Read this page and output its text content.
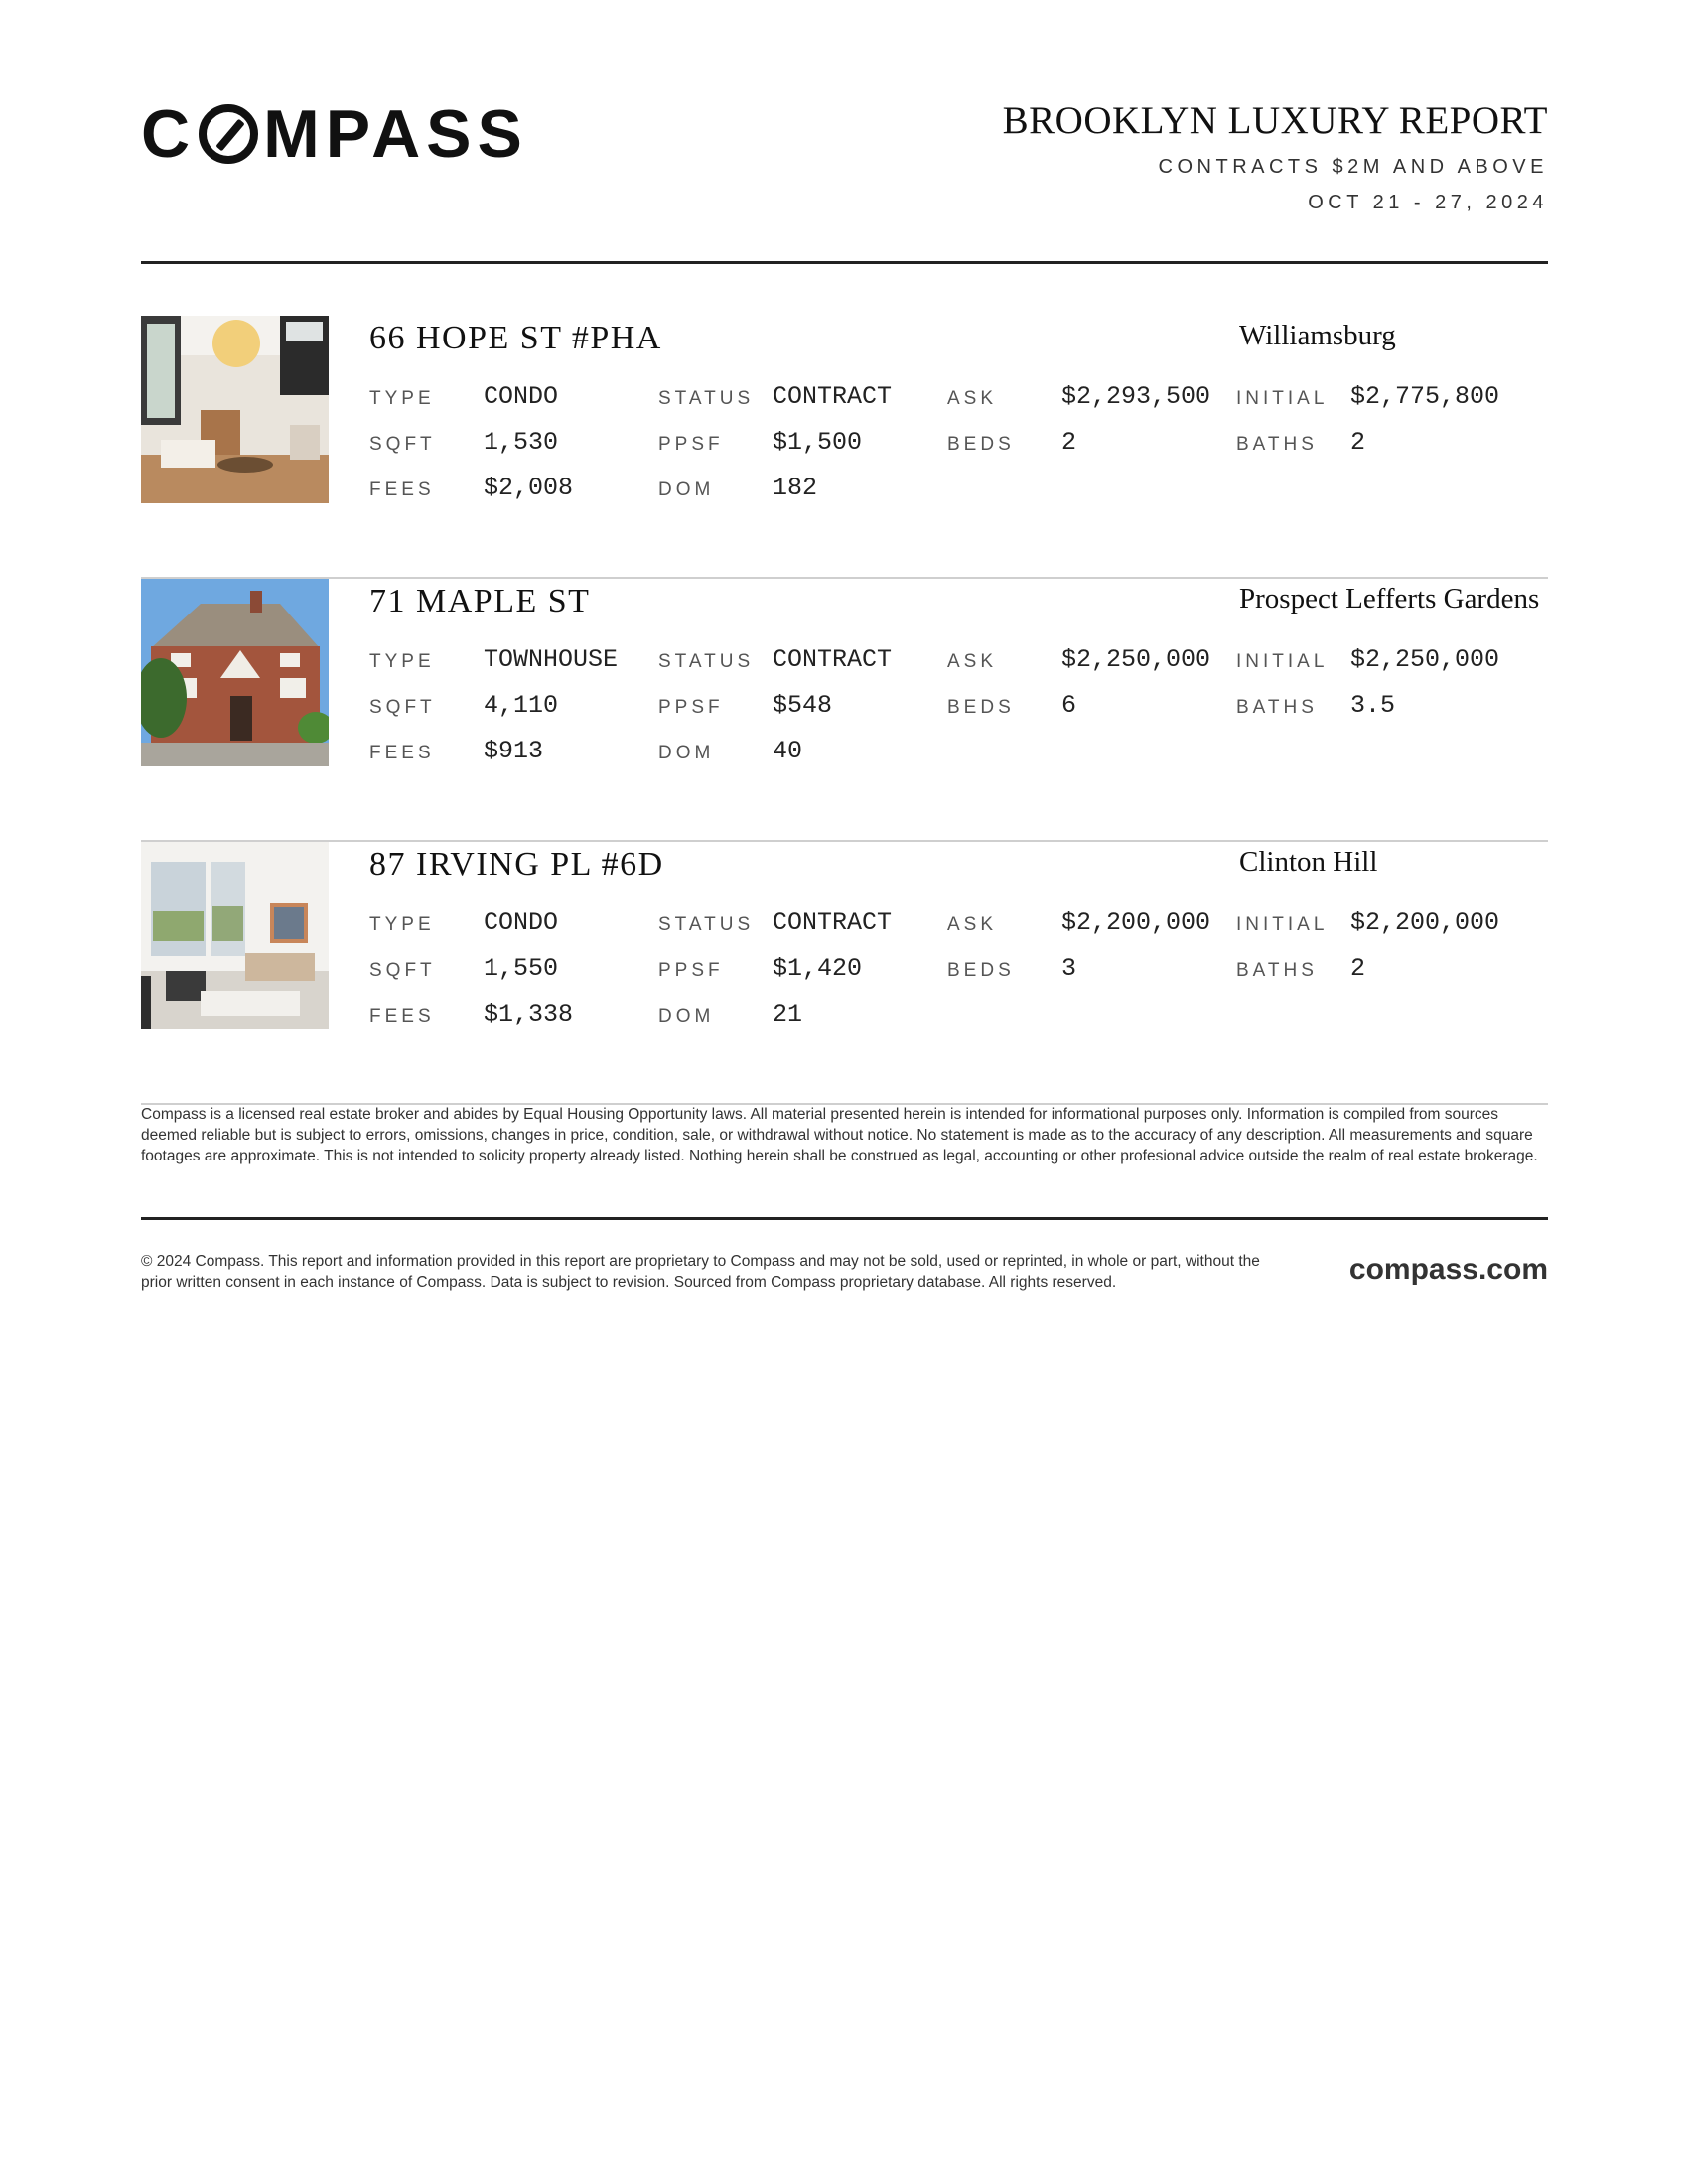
C MPASS	BROOKLYN LUXURY REPORT
CONTRACTS $2M AND ABOVE
OCT 21 - 27, 2024
66 HOPE ST #PHA	Williamsburg
TYPE CONDO	STATUS CONTRACT	ASK	$2,293,500 INITIAL $2,775,800
SQFT 1,530	PPSF $1,500	BEDS 2	BATHS 2
FEES $2,008	DOM 182
71 MAPLE ST	Prospect Lefferts Gardens
TYPE TOWNHOUSE STATUS CONTRACT	ASK	$2,250,000 INITIAL $2,250,000
SQFT 4,110	PPSF $548	BEDS 6	BATHS 3.5
FEES $913	DOM 40
87 IRVING PL #6D	Clinton Hill
TYPE CONDO	STATUS CONTRACT	ASK	$2,200,000 INITIAL $2,200,000
SQFT 1,550	PPSF $1,420	BEDS 3	BATHS 2
FEES $1,338	DOM 21
Compass is a licensed real estate broker and abides by Equal Housing Opportunity laws. All material presented herein is intended for informational purposes only. Information is compiled from sources deemed reliable but is subject to errors, omissions, changes in price, condition, sale, or withdrawal without notice. No statement is made as to the accuracy of any description. All measurements and square footages are approximate. This is not intended to solicity property already listed. Nothing herein shall be construed as legal, accounting or other profesional advice outside the realm of real estate brokerage.
© 2024 Compass. This report and information provided in this report are proprietary to Compass and may not be sold, used or reprinted, in whole or part, without the prior written consent in each instance of Compass. Data is subject to revision. Sourced from Compass proprietary database. All rights reserved.	compass.com
